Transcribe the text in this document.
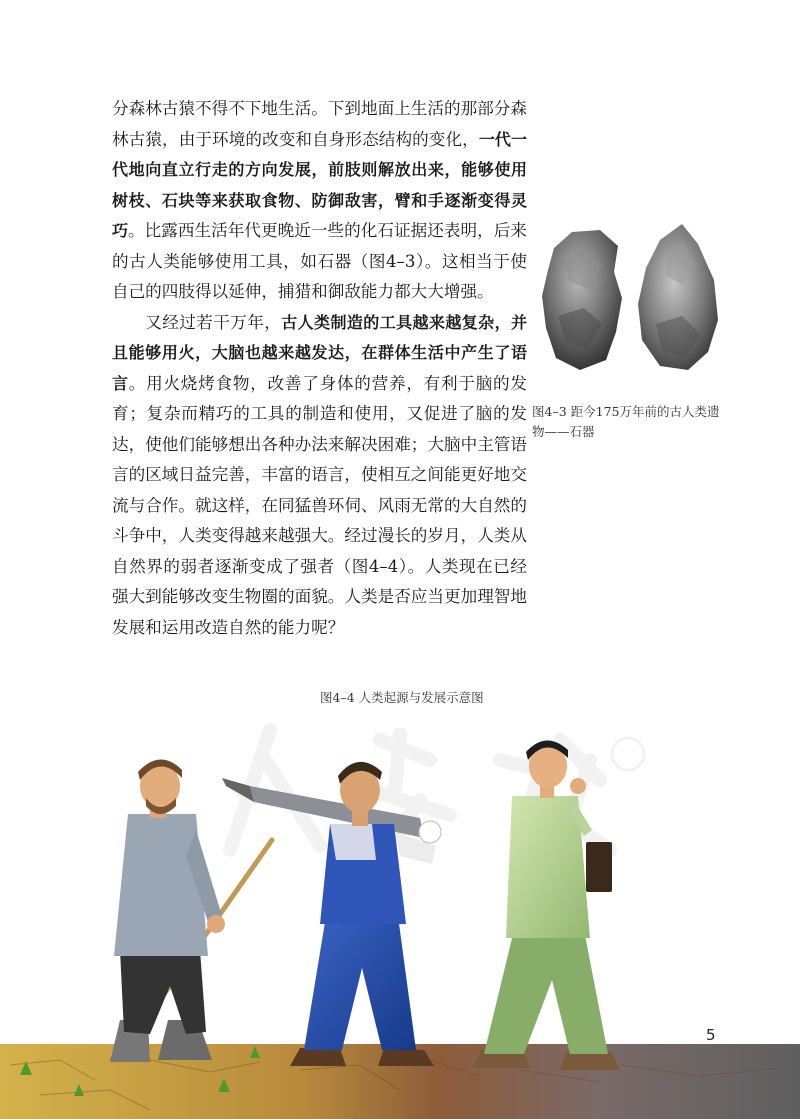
分森林古猿不得不下地生活。下到地面上生活的那部分森林古猿，由于环境的改变和自身形态结构的变化，一代一代地向直立行走的方向发展，前肢则解放出来，能够使用树枝、石块等来获取食物、防御敌害，臂和手逐渐变得灵巧。比露西生活年代更晚近一些的化石证据还表明，后来的古人类能够使用工具，如石器（图4–3）。这相当于使自己的四肢得以延伸，捕猎和御敌能力都大大增强。

又经过若干万年，古人类制造的工具越来越复杂，并且能够用火，大脑也越来越发达，在群体生活中产生了语言。用火烧烤食物，改善了身体的营养，有利于脑的发育；复杂而精巧的工具的制造和使用，又促进了脑的发达，使他们能够想出各种办法来解决困难；大脑中主管语言的区域日益完善，丰富的语言，使相互之间能更好地交流与合作。就这样，在同猛兽环伺、风雨无常的大自然的斗争中，人类变得越来越强大。经过漫长的岁月，人类从自然界的弱者逐渐变成了强者（图4–4）。人类现在已经强大到能够改变生物圈的面貌。人类是否应当更加理智地发展和运用改造自然的能力呢？

图4–3 距今175万年前的古人类遗物——石器
图4–4 人类起源与发展示意图
5
